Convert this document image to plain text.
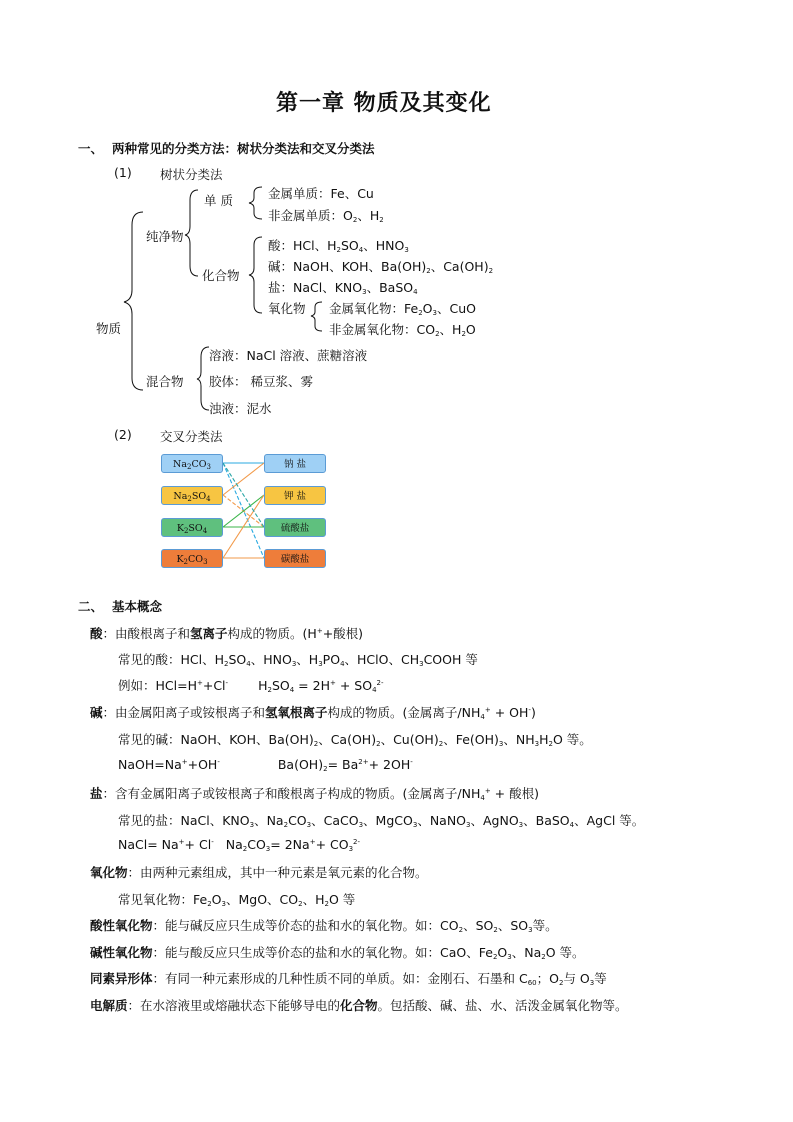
第一章 物质及其变化
一、 两种常见的分类方法：树状分类法和交叉分类法
(1) 树状分类法
物质
纯净物
单 质	金属单质：Fe、Cu
非金属单质：$O_2$、$H_2$
化合物
酸：HCl、$H_2SO_4$、$HNO_3$
碱：NaOH、KOH、$Ba(OH)_2$、$Ca(OH)_2$
盐：NaCl、$KNO_3$、BaSO$_4$
氧化物 金属氧化物：$Fe_2O_3$、CuO
非金属氧化物：$CO_2$、$H_2O$
混合物
溶液：NaCl 溶液、蔗糖溶液
胶体： 稀豆浆、雾
浊液：泥水
(2) 交叉分类法
$Na_2CO_3$
$Na_2SO_4$
$K_2SO_4$
$K_2CO_3$
钠 盐
钾 盐
硫酸盐
碳酸盐
二、 基本概念
酸：由酸根离子和氢离子构成的物质。(H++酸根)
常见的酸：HCl、$H_2SO_4$、$HNO_3$、$H_3PO_4$、HClO、$CH_3COOH$ 等
例如：HCl=H++Cl- $H_2SO_4 = 2H^+ + SO_4^{2-}$
碱：由金属阳离子或铵根离子和氢氧根离子构成的物质。(金属离子$/NH_4^+ + OH^-$)
常见的碱：NaOH、KOH、$Ba(OH)_2$、$Ca(OH)_2$、$Cu(OH)_2$、$Fe(OH)_3$、$NH_3H_2O$ 等。
NaOH=Na++OH-	$Ba(OH)_2= Ba^{2+}+ 2OH^-$
盐：含有金属阳离子或铵根离子和酸根离子构成的物质。(金属离子$/NH_4^+$ + 酸根)
常见的盐：NaCl、$KNO_3$、$Na_2CO_3$、CaCO$_3$、MgCO$_3$、NaNO$_3$、AgNO$_3$、BaSO$_4$、AgCl 等。
NaCl= Na++ Cl- $Na_2CO_3= 2Na^++ CO_3^{2-}$
氧化物：由两种元素组成，其中一种元素是氧元素的化合物。
常见氧化物：$Fe_2O_3$、MgO、$CO_2$、$H_2O$ 等
酸性氧化物：能与碱反应只生成等价态的盐和水的氧化物。如：$CO_2$、$SO_2$、$SO_3$等。
碱性氧化物：能与酸反应只生成等价态的盐和水的氧化物。如：CaO、$Fe_2O_3$、$Na_2O$ 等。
同素异形体：有同一种元素形成的几种性质不同的单质。如：金刚石、石墨和 $C_{60}$；$O_2$与 $O_3$等
电解质：在水溶液里或熔融状态下能够导电的化合物。包括酸、碱、盐、水、活泼金属氧化物等。
